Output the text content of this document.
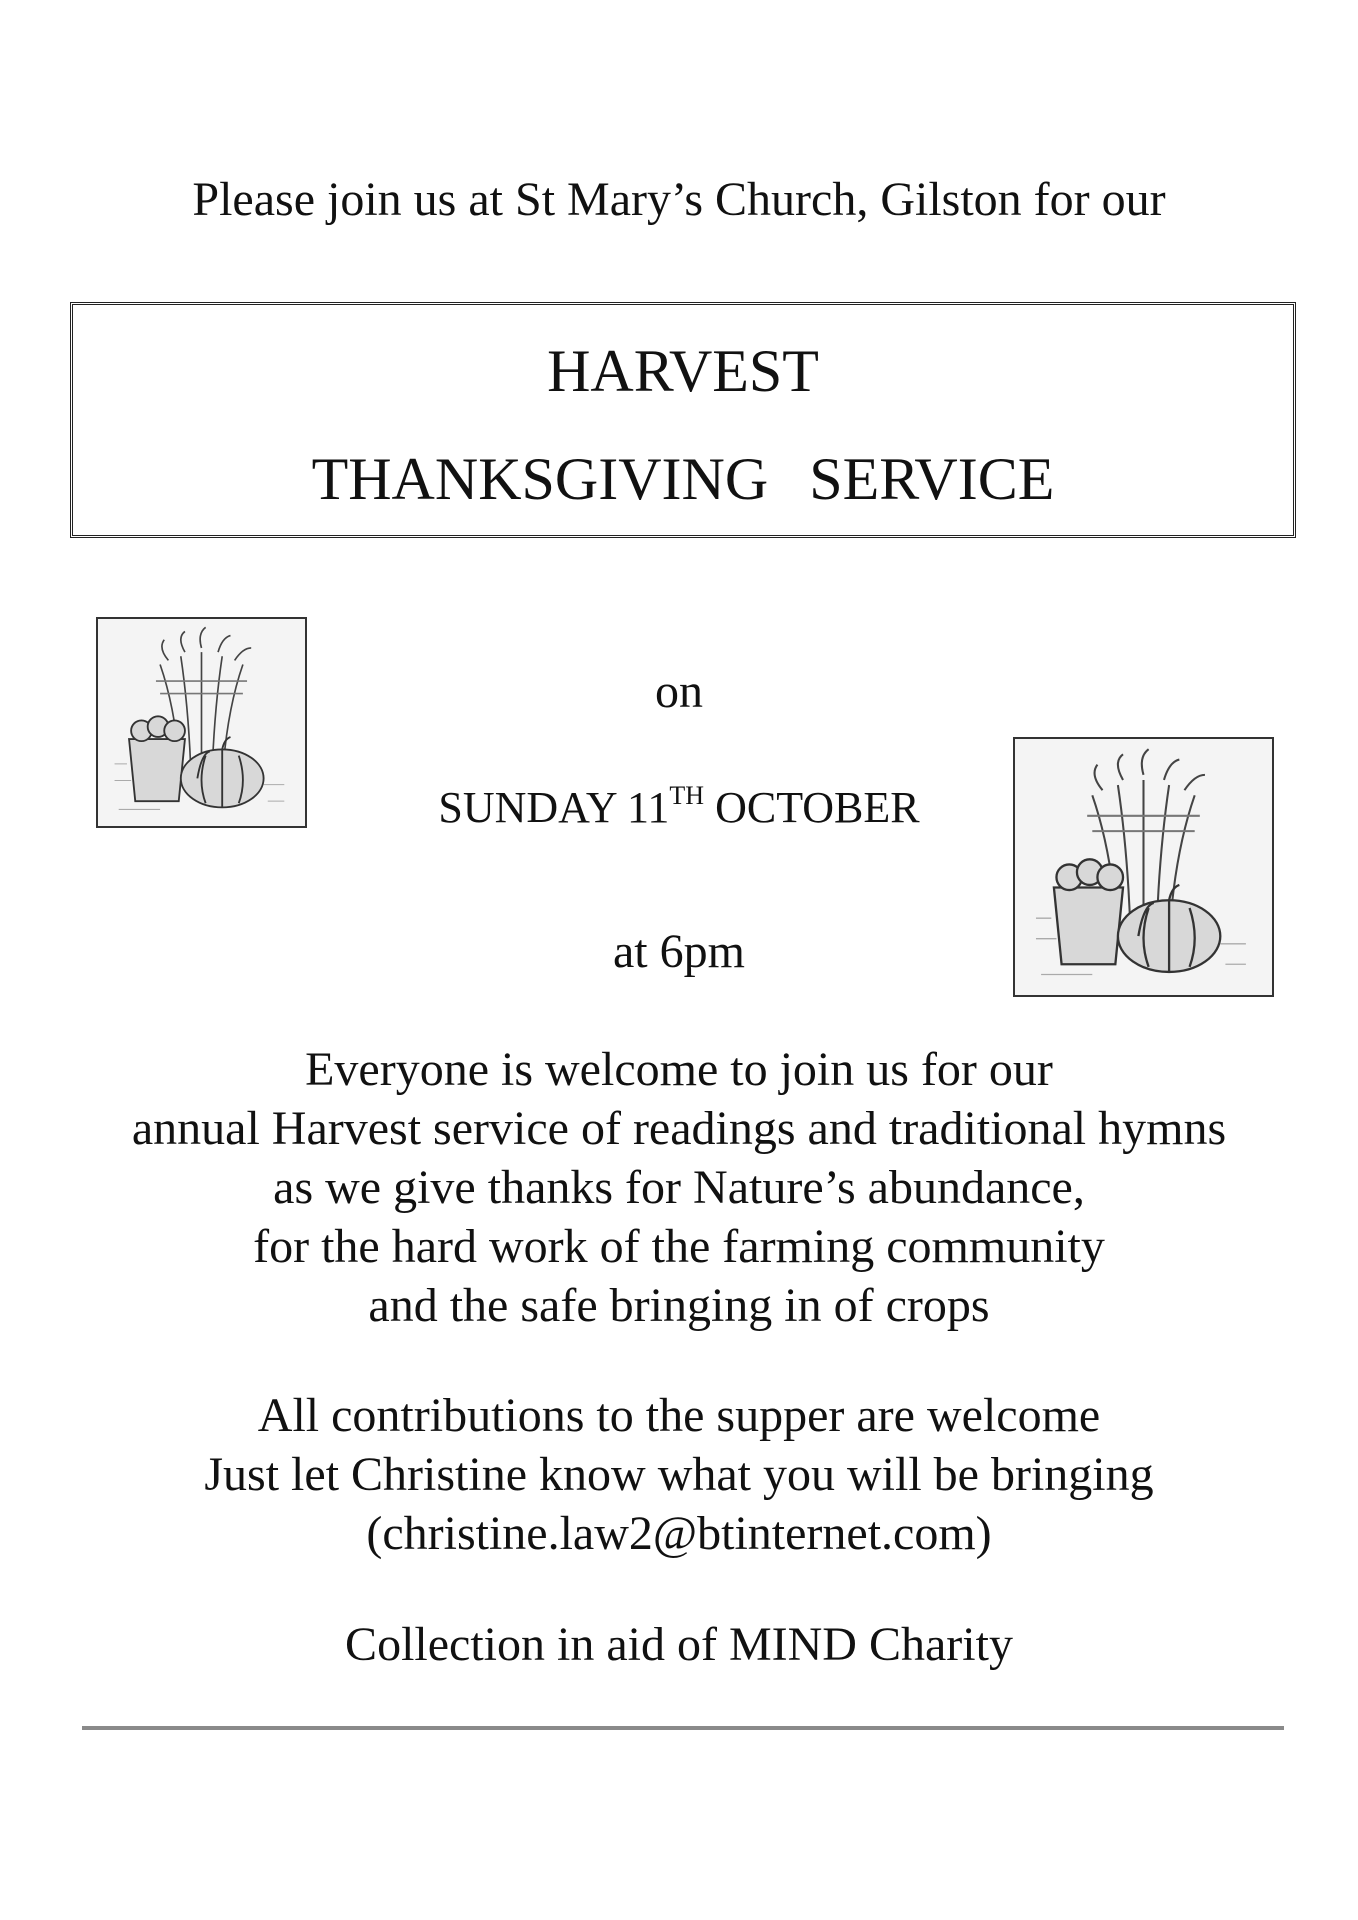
Please join us at St Mary’s Church, Gilston for our
HARVEST
THANKSGIVING SERVICE
on
SUNDAY 11TH OCTOBER
at 6pm
Everyone is welcome to join us for our
annual Harvest service of readings and traditional hymns
as we give thanks for Nature’s abundance,
for the hard work of the farming community
and the safe bringing in of crops
All contributions to the supper are welcome
Just let Christine know what you will be bringing
(christine.law2@btinternet.com)
Collection in aid of MIND Charity
